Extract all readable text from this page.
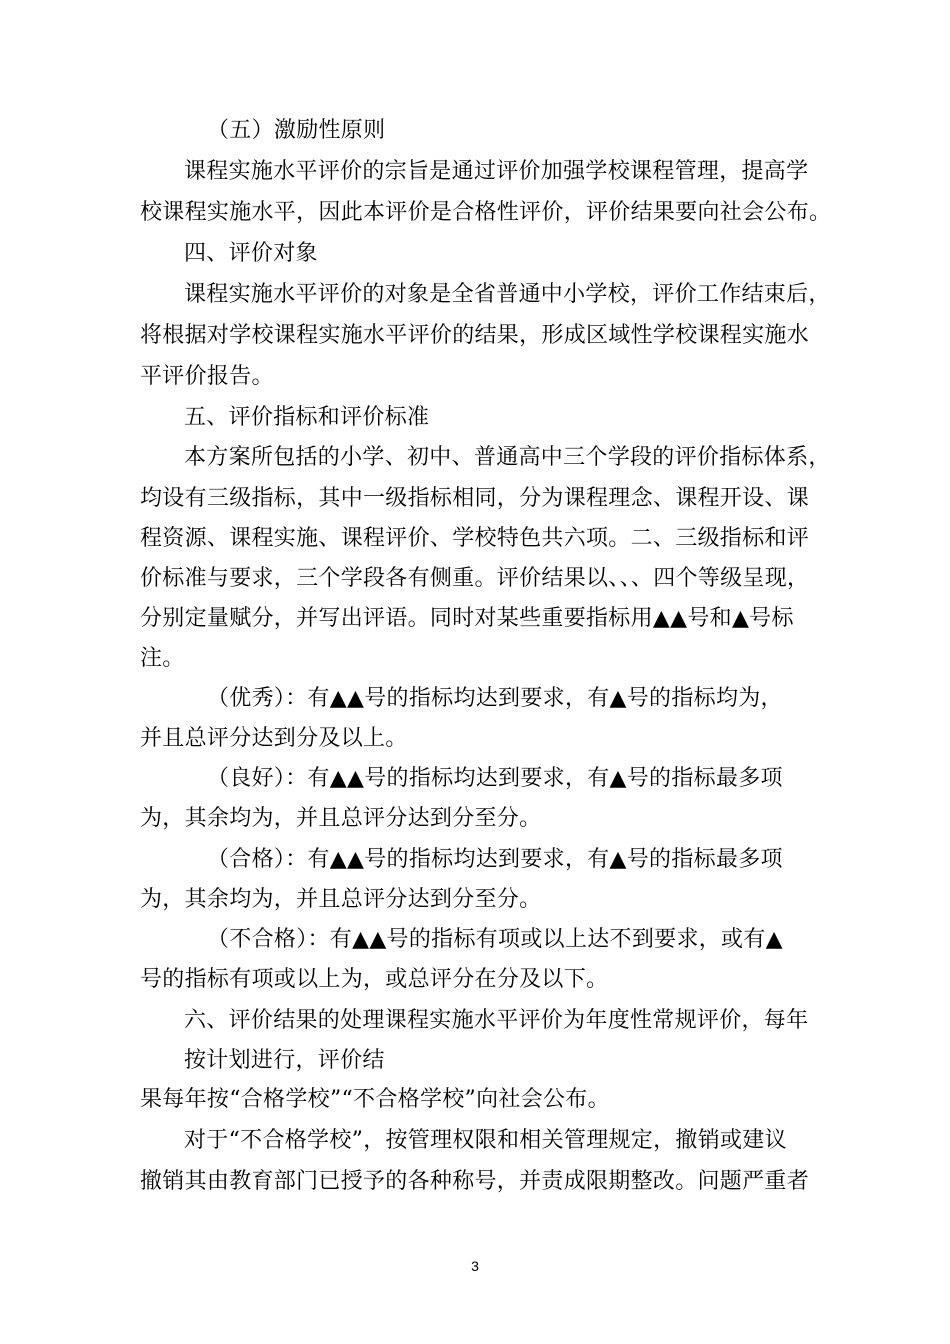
（五）激励性原则
课程实施水平评价的宗旨是通过评价加强学校课程管理，提高学
校课程实施水平，因此本评价是合格性评价，评价结果要向社会公布。
四、评价对象
课程实施水平评价的对象是全省普通中小学校，评价工作结束后，
将根据对学校课程实施水平评价的结果，形成区域性学校课程实施水
平评价报告。
五、评价指标和评价标准
本方案所包括的小学、初中、普通高中三个学段的评价指标体系，
均设有三级指标，其中一级指标相同，分为课程理念、课程开设、课
程资源、课程实施、课程评价、学校特色共六项。二、三级指标和评
价标准与要求，三个学段各有侧重。评价结果以、、、四个等级呈现，
分别定量赋分，并写出评语。同时对某些重要指标用▲▲号和▲号标
注。
（优秀）：有▲▲号的指标均达到要求，有▲号的指标均为，
并且总评分达到分及以上。
（良好）：有▲▲号的指标均达到要求，有▲号的指标最多项
为，其余均为，并且总评分达到分至分。
（合格）：有▲▲号的指标均达到要求，有▲号的指标最多项
为，其余均为，并且总评分达到分至分。
（不合格）：有▲▲号的指标有项或以上达不到要求，或有▲
号的指标有项或以上为，或总评分在分及以下。
六、评价结果的处理课程实施水平评价为年度性常规评价，每年
按计划进行，评价结
果每年按“合格学校”“不合格学校”向社会公布。
对于“不合格学校”，按管理权限和相关管理规定，撤销或建议
撤销其由教育部门已授予的各种称号，并责成限期整改。问题严重者
3
